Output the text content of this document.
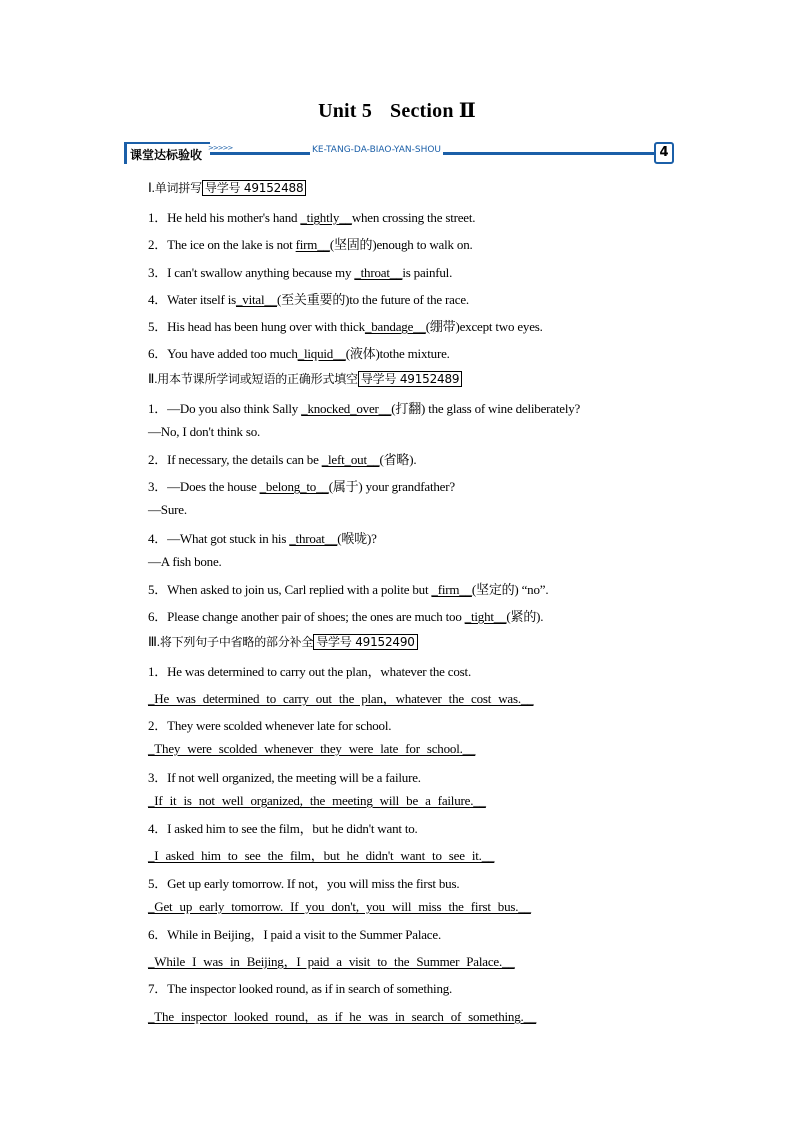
Unit 5 Section Ⅱ
课堂达标验收 >>>>>	KE-TANG-DA-BIAO-YAN-SHOU	4
Ⅰ.单词拼写 导学号 49152488
1．He held his mother's hand _tightly__when crossing the street.
2．The ice on the lake is not firm__(坚固的)enough to walk on.
3．I can't swallow anything because my _throat__is painful.
4．Water itself is_vital__(至关重要的)to the future of the race.
5．His head has been hung over with thick_bandage__(绷带)except two eyes.
6．You have added too much_liquid__(液体)tothe mixture.
Ⅱ.用本节课所学词或短语的正确形式填空 导学号 49152489
1．—Do you also think Sally _knocked_over__(打翻) the glass of wine deliberately?
—No, I don't think so.
2．If necessary, the details can be _left_out__(省略).
3．—Does the house _belong_to__(属于) your grandfather?
—Sure.
4．—What got stuck in his _throat__(喉咙)?
—A fish bone.
5．When asked to join us, Carl replied with a polite but _firm__(坚定的) “no”.
6．Please change another pair of shoes; the ones are much too _tight__(紧的).
Ⅲ.将下列句子中省略的部分补全 导学号 49152490
1．He was determined to carry out the plan，whatever the cost.
_He was determined to carry out the plan，whatever the cost was.__
2．They were scolded whenever late for school.
_They were scolded whenever they were late for school.__
3．If not well organized, the meeting will be a failure.
_If it is not well organized, the meeting will be a failure.__
4．I asked him to see the film，but he didn't want to.
_I asked him to see the film，but he didn't want to see it.__
5．Get up early tomorrow. If not，you will miss the first bus.
_Get up early tomorrow. If you don't, you will miss the first bus.__
6．While in Beijing，I paid a visit to the Summer Palace.
_While I was in Beijing，I paid a visit to the Summer Palace.__
7．The inspector looked round, as if in search of something.
_The inspector looked round，as if he was in search of something.__
